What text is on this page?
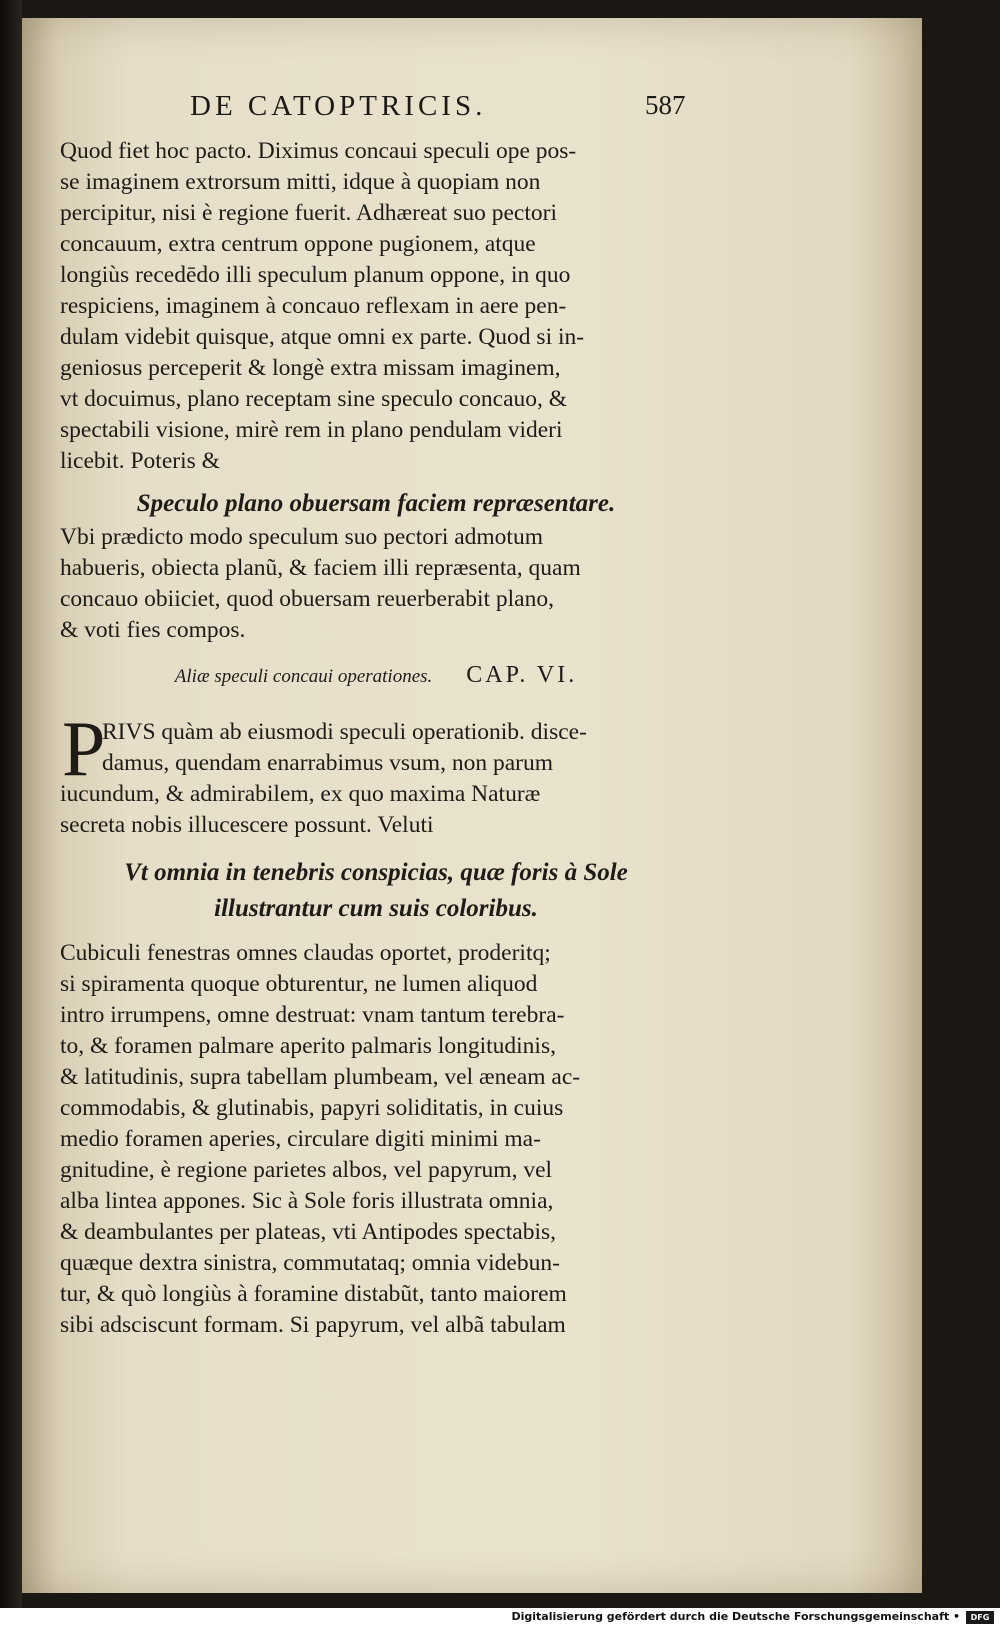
DE CATOPTRICIS.	587
Quod fiet hoc pacto. Diximus concaui speculi ope pos-
se imaginem extrorsum mitti, idque à quopiam non
percipitur, nisi è regione fuerit. Adhæreat suo pectori
concauum, extra centrum oppone pugionem, atque
longiùs recedēdo illi speculum planum oppone, in quo
respiciens, imaginem à concauo reflexam in aere pen-
dulam videbit quisque, atque omni ex parte. Quod si in-
geniosus perceperit & longè extra missam imaginem,
vt docuimus, plano receptam sine speculo concauo, &
spectabili visione, mirè rem in plano pendulam videri
licebit. Poteris &
Speculo plano obuersam faciem repræsentare.
Vbi prædicto modo speculum suo pectori admotum
habueris, obiecta planũ, & faciem illi repræsenta, quam
concauo obiiciet, quod obuersam reuerberabit plano,
& voti fies compos.
Aliæ speculi concaui operationes. CAP. VI.
P
RIVS quàm ab eiusmodi speculi operationib. disce-
damus, quendam enarrabimus vsum, non parum
iucundum, & admirabilem, ex quo maxima Naturæ
secreta nobis illucescere possunt. Veluti
Vt omnia in tenebris conspicias, quæ foris à Sole
illustrantur cum suis coloribus.
Cubiculi fenestras omnes claudas oportet, proderitq;
si spiramenta quoque obturentur, ne lumen aliquod
intro irrumpens, omne destruat: vnam tantum terebra-
to, & foramen palmare aperito palmaris longitudinis,
& latitudinis, supra tabellam plumbeam, vel æneam ac-
commodabis, & glutinabis, papyri soliditatis, in cuius
medio foramen aperies, circulare digiti minimi ma-
gnitudine, è regione parietes albos, vel papyrum, vel
alba lintea appones. Sic à Sole foris illustrata omnia,
& deambulantes per plateas, vti Antipodes spectabis,
quæque dextra sinistra, commutataq; omnia videbun-
tur, & quò longiùs à foramine distabũt, tanto maiorem
sibi adsciscunt formam. Si papyrum, vel albã tabulam
Digitalisierung gefördert durch die Deutsche Forschungsgemeinschaft •	DFG
